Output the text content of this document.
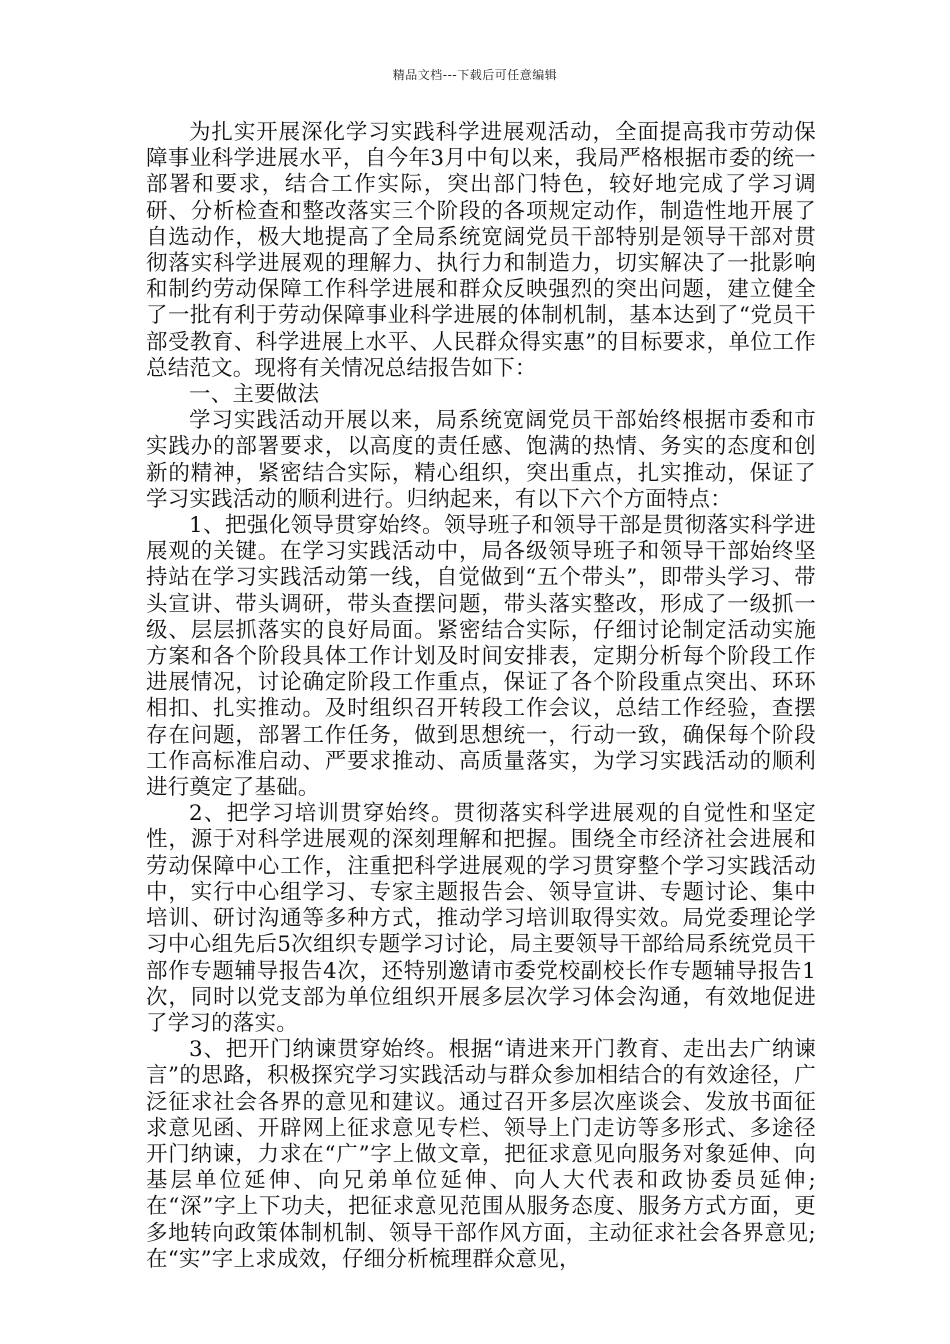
精品文档---下载后可任意编辑

为扎实开展深化学习实践科学进展观活动，全面提高我市劳动保障事业科学进展水平，自今年3月中旬以来，我局严格根据市委的统一部署和要求，结合工作实际，突出部门特色，较好地完成了学习调研、分析检查和整改落实三个阶段的各项规定动作，制造性地开展了自选动作，极大地提高了全局系统宽阔党员干部特别是领导干部对贯彻落实科学进展观的理解力、执行力和制造力，切实解决了一批影响和制约劳动保障工作科学进展和群众反映强烈的突出问题，建立健全了一批有利于劳动保障事业科学进展的体制机制，基本达到了“党员干部受教育、科学进展上水平、人民群众得实惠”的目标要求，单位工作总结范文。现将有关情况总结报告如下：

一、主要做法

学习实践活动开展以来，局系统宽阔党员干部始终根据市委和市实践办的部署要求，以高度的责任感、饱满的热情、务实的态度和创新的精神，紧密结合实际，精心组织，突出重点，扎实推动，保证了学习实践活动的顺利进行。归纳起来，有以下六个方面特点：

1、把强化领导贯穿始终。领导班子和领导干部是贯彻落实科学进展观的关键。在学习实践活动中，局各级领导班子和领导干部始终坚持站在学习实践活动第一线，自觉做到“五个带头”，即带头学习、带头宣讲、带头调研，带头查摆问题，带头落实整改，形成了一级抓一级、层层抓落实的良好局面。紧密结合实际，仔细讨论制定活动实施方案和各个阶段具体工作计划及时间安排表，定期分析每个阶段工作进展情况，讨论确定阶段工作重点，保证了各个阶段重点突出、环环相扣、扎实推动。及时组织召开转段工作会议，总结工作经验，查摆存在问题，部署工作任务，做到思想统一，行动一致，确保每个阶段工作高标准启动、严要求推动、高质量落实，为学习实践活动的顺利进行奠定了基础。

2、把学习培训贯穿始终。贯彻落实科学进展观的自觉性和坚定性，源于对科学进展观的深刻理解和把握。围绕全市经济社会进展和劳动保障中心工作，注重把科学进展观的学习贯穿整个学习实践活动中，实行中心组学习、专家主题报告会、领导宣讲、专题讨论、集中培训、研讨沟通等多种方式，推动学习培训取得实效。局党委理论学习中心组先后5次组织专题学习讨论，局主要领导干部给局系统党员干部作专题辅导报告4次，还特别邀请市委党校副校长作专题辅导报告1次，同时以党支部为单位组织开展多层次学习体会沟通，有效地促进了学习的落实。

3、把开门纳谏贯穿始终。根据“请进来开门教育、走出去广纳谏言”的思路，积极探究学习实践活动与群众参加相结合的有效途径，广泛征求社会各界的意见和建议。通过召开多层次座谈会、发放书面征求意见函、开辟网上征求意见专栏、领导上门走访等多形式、多途径开门纳谏，力求在“广”字上做文章，把征求意见向服务对象延伸、向基层单位延伸、向兄弟单位延伸、向人大代表和政协委员延伸;在“深”字上下功夫，把征求意见范围从服务态度、服务方式方面，更多地转向政策体制机制、领导干部作风方面，主动征求社会各界意见;在“实”字上求成效，仔细分析梳理群众意见，
